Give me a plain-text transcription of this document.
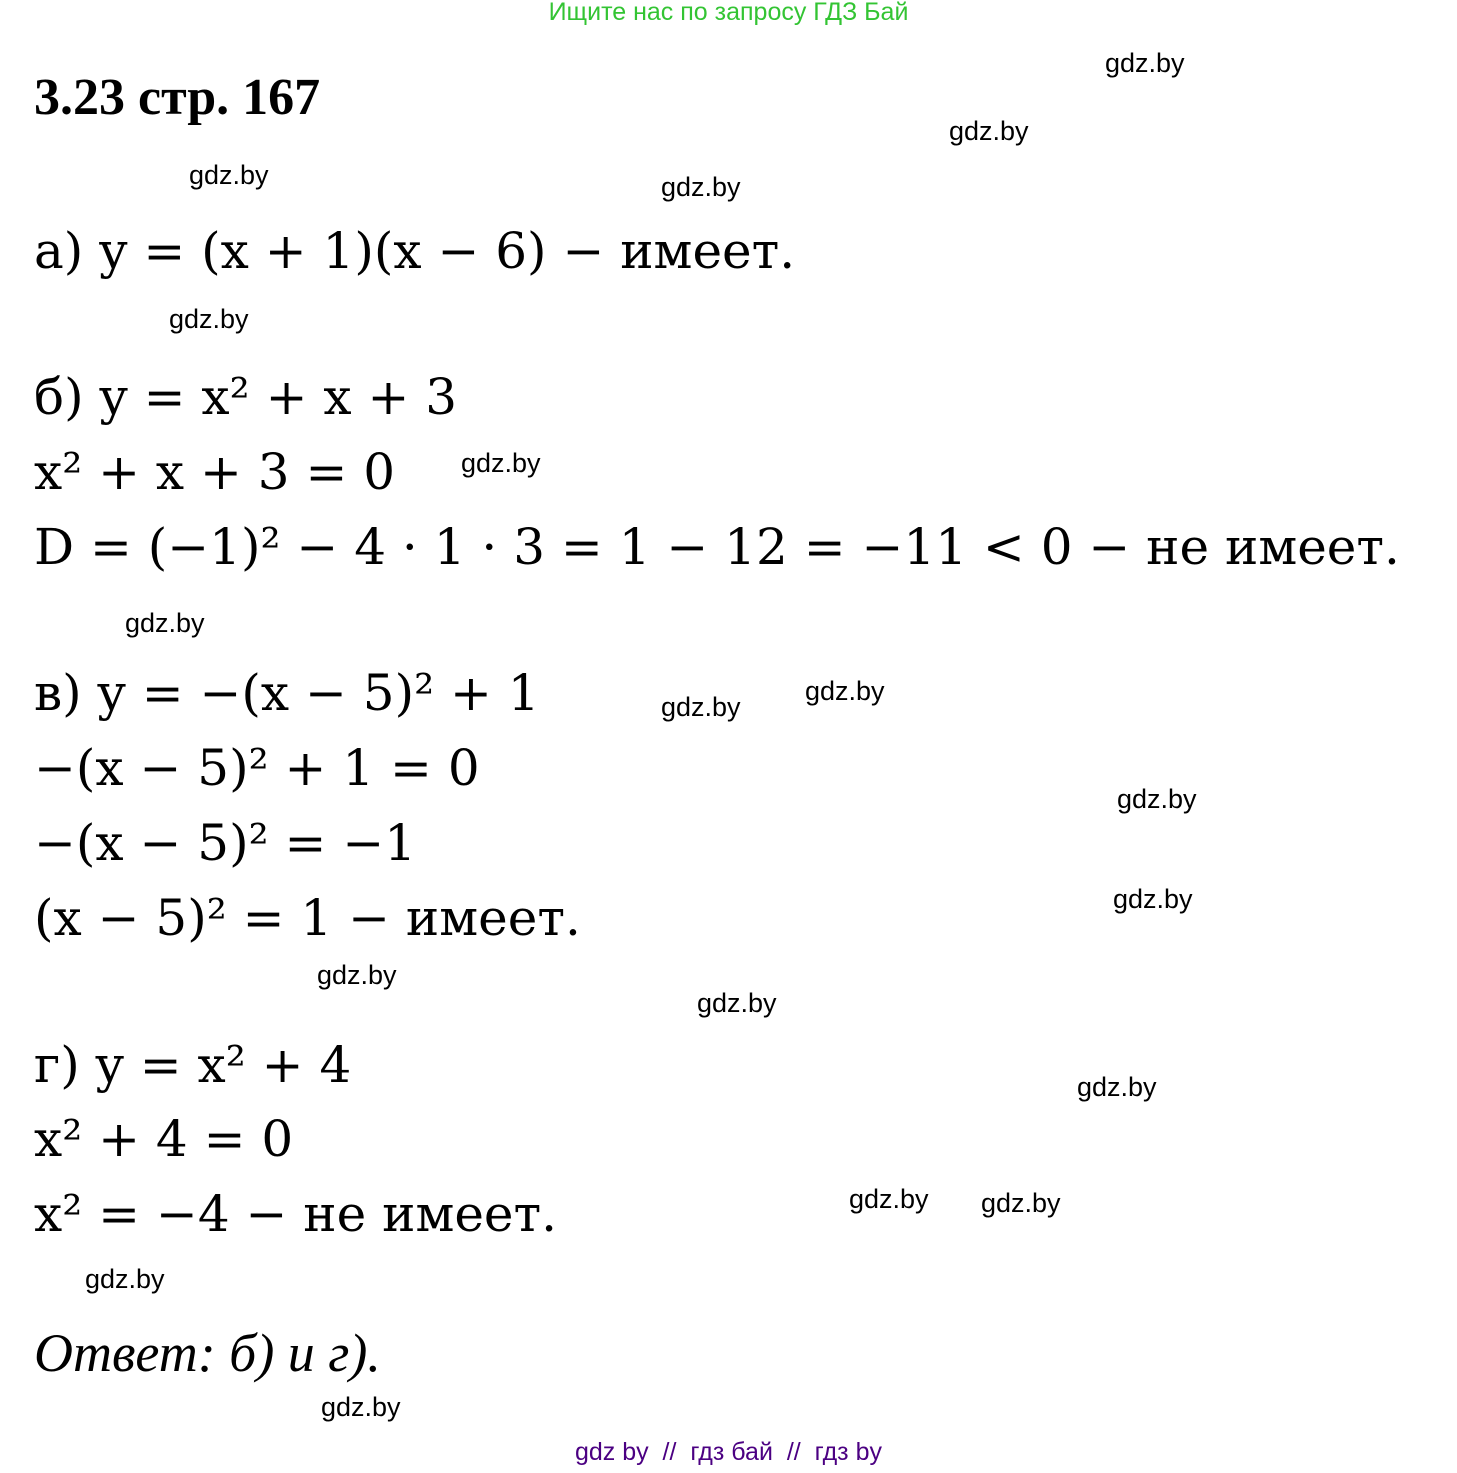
Ищите нас по запросу ГДЗ Бай
3.23 стр. 167
а) y = (x + 1)(x − 6) − имеет.
б) y = x² + x + 3
x² + x + 3 = 0
D = (−1)² − 4 · 1 · 3 = 1 − 12 = −11 < 0 − не имеет.
в) y = −(x − 5)² + 1
−(x − 5)² + 1 = 0
−(x − 5)² = −1
(x − 5)² = 1 − имеет.
г) y = x² + 4
x² + 4 = 0
x² = −4 − не имеет.
Ответ: б) и г).
gdz.by
gdz.by
gdz.by	gdz.by
gdz.by
gdz.by
gdz.by
gdz.by
gdz.by
gdz.by
gdz.by
gdz.by
gdz.by
gdz.by
gdz.by gdz.by
gdz.by
gdz.by
gdz by  //  гдз бай  //  гдз by
